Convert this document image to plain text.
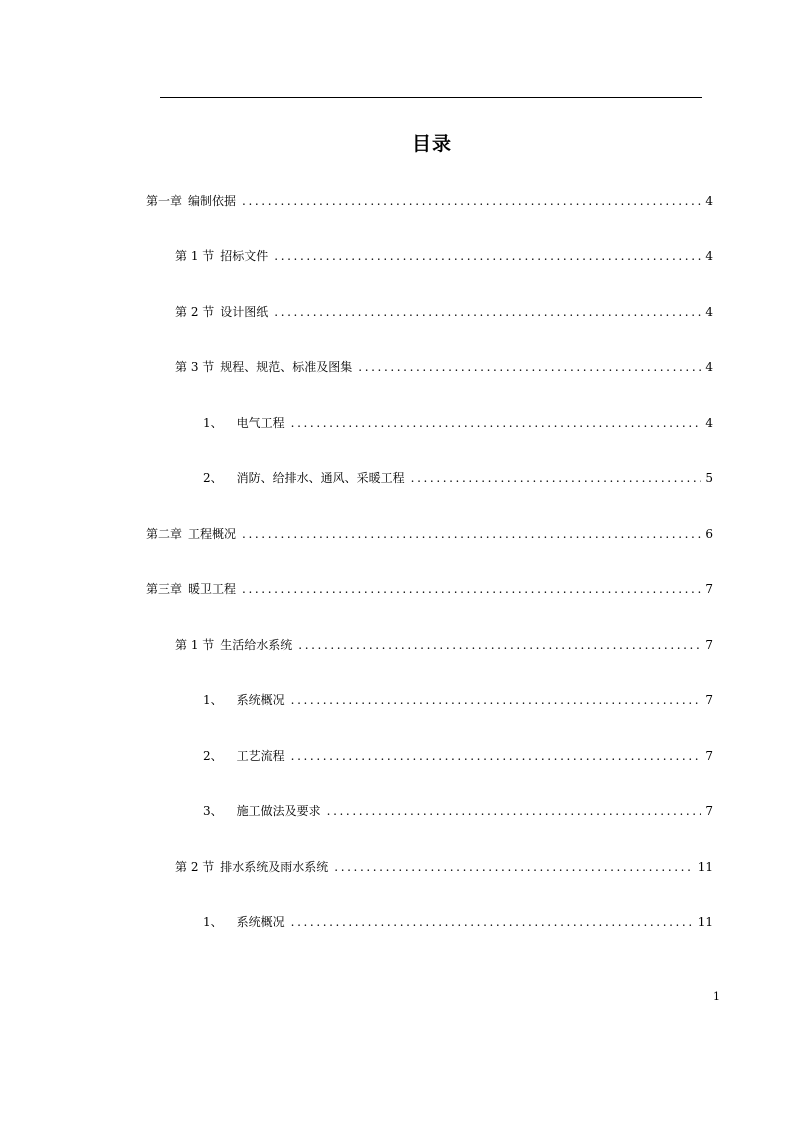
目录
第一章 编制依据 .....	4
第 1 节 招标文件 .....	4
第 2 节 设计图纸 .....	4
第 3 节 规程、规范、标准及图集 .....	4
1、 电气工程 .....	4
2、 消防、给排水、通风、采暖工程 .....	5
第二章 工程概况 .....	6
第三章 暖卫工程 .....	7
第 1 节 生活给水系统 .....	7
1、 系统概况 .....	7
2、 工艺流程 .....	7
3、 施工做法及要求 .....	7
第 2 节 排水系统及雨水系统 .....	11
1、 系统概况 .....	11
1
